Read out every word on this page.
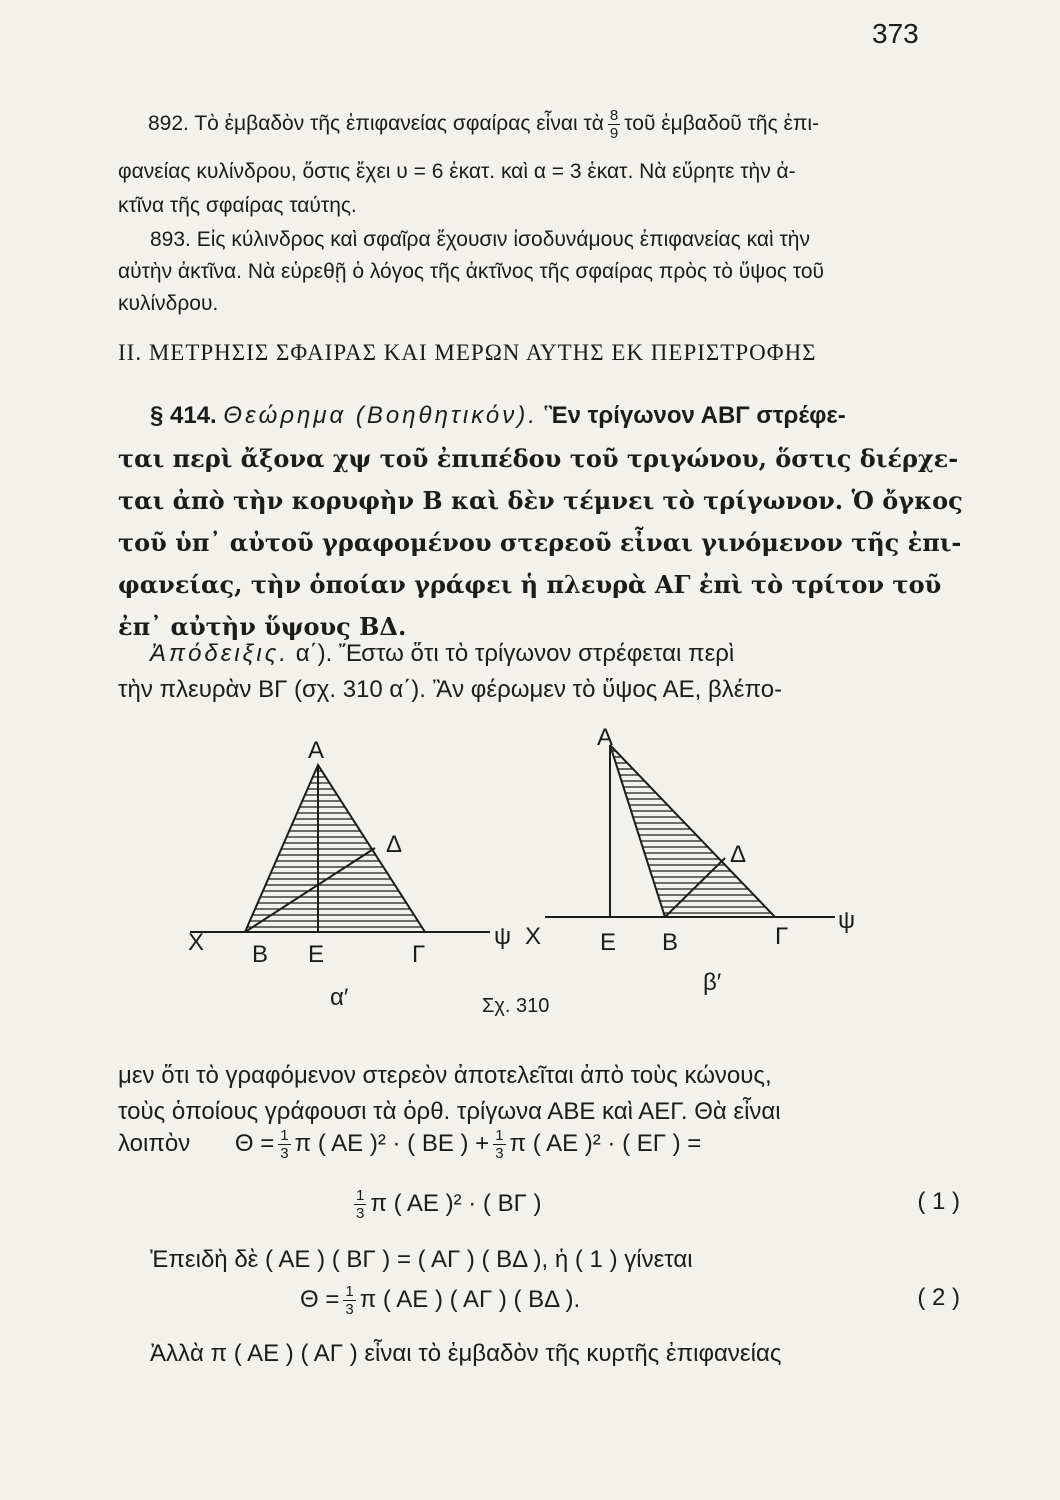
373
892. Τὸ ἐμβαδὸν τῆς ἐπιφανείας σφαίρας εἶναι τὰ $\frac{8}{9}$ τοῦ ἐμβαδοῦ τῆς ἐπι-
φανείας κυλίνδρου, ὅστις ἔχει υ = 6 ἑκατ. καὶ α = 3 ἑκατ. Νὰ εὕρητε τὴν ἀ-
κτῖνα τῆς σφαίρας ταύτης.
893. Εἰς κύλινδρος καὶ σφαῖρα ἔχουσιν ἰσοδυνάμους ἐπιφανείας καὶ τὴν
αὐτὴν ἀκτῖνα. Νὰ εὑρεθῇ ὁ λόγος τῆς ἀκτῖνος τῆς σφαίρας πρὸς τὸ ὕψος τοῦ
κυλίνδρου.
II. ΜΕΤΡΗΣΙΣ ΣΦΑΙΡΑΣ ΚΑΙ ΜΕΡΩΝ ΑΥΤΗΣ ΕΚ ΠΕΡΙΣΤΡΟΦΗΣ
§ 414. Θεώρημα (Βοηθητικόν). Ἓν τρίγωνον ΑΒΓ στρέφε-
ται περὶ ἄξονα χψ τοῦ ἐπιπέδου τοῦ τριγώνου, ὅστις διέρχε-
ται ἀπὸ τὴν κορυφὴν Β καὶ δὲν τέμνει τὸ τρίγωνον. Ὁ ὄγκος
τοῦ ὑπ᾽ αὐτοῦ γραφομένου στερεοῦ εἶναι γινόμενον τῆς ἐπι-
φανείας, τὴν ὁποίαν γράφει ἡ πλευρὰ ΑΓ ἐπὶ τὸ τρίτον τοῦ
ἐπ᾽ αὐτὴν ὕψους ΒΔ.
Ἀπόδειξις. α΄). Ἔστω ὅτι τὸ τρίγωνον στρέφεται περὶ
τὴν πλευρὰν ΒΓ (σχ. 310 α΄). Ἂν φέρωμεν τὸ ὕψος ΑΕ, βλέπο-
Α
Δ
Χ Β Ε	Γ
ψ
α′
Α
Δ
Χ Ε Β	Γ
ψ
β′
Σχ. 310
μεν ὅτι τὸ γραφόμενον στερεὸν ἀποτελεῖται ἀπὸ τοὺς κώνους,
τοὺς ὁποίους γράφουσι τὰ ὀρθ. τρίγωνα ΑΒΕ καὶ ΑΕΓ. Θὰ εἶναι
λοιπὸν $\Theta = \frac{1}{3}$ π ( ΑΕ )² · ( ΒΕ ) + $\frac{1}{3}$ π ( ΑΕ )² · ( ΕΓ ) =
$\frac{1}{3}$ π ( ΑΕ )² · ( ΒΓ )	( 1 )
Ἐπειδὴ δὲ ( ΑΕ ) ( ΒΓ ) = ( ΑΓ ) ( ΒΔ ), ἡ ( 1 ) γίνεται
$\Theta = \frac{1}{3}$ π ( ΑΕ ) ( ΑΓ ) ( ΒΔ ).	( 2 )
Ἀλλὰ π ( ΑΕ ) ( ΑΓ ) εἶναι τὸ ἐμβαδὸν τῆς κυρτῆς ἐπιφανείας
